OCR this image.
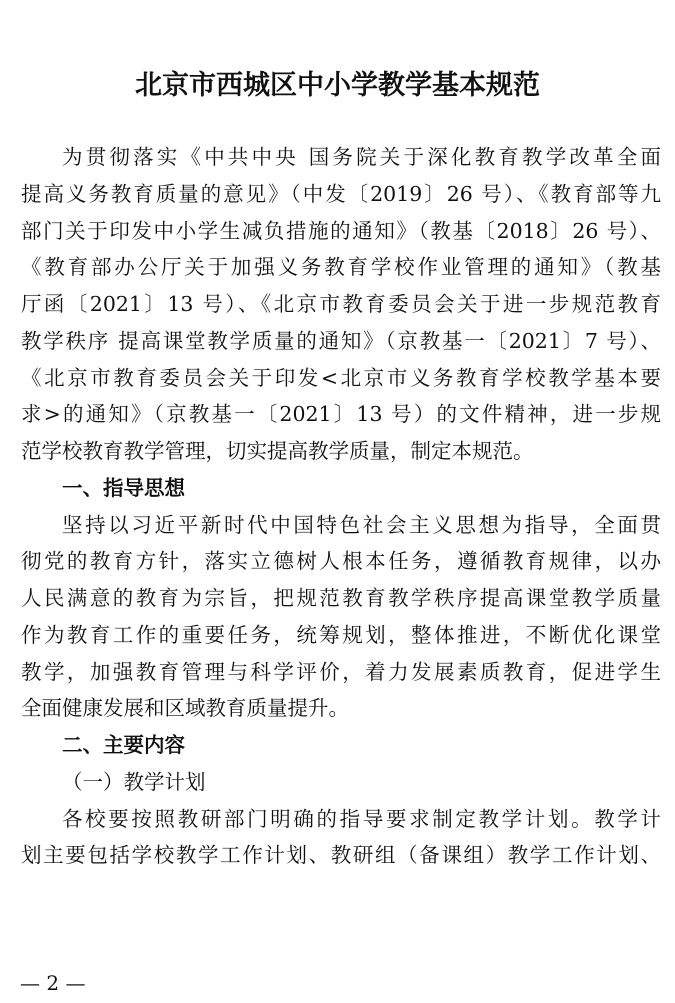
北京市西城区中小学教学基本规范
为贯彻落实《中共中央 国务院关于深化教育教学改革全面
提高义务教育质量的意见》（中发〔2019〕26 号）、《教育部等九
部门关于印发中小学生减负措施的通知》（教基〔2018〕26 号）、
《教育部办公厅关于加强义务教育学校作业管理的通知》（教基
厅函〔2021〕13 号）、《北京市教育委员会关于进一步规范教育
教学秩序 提高课堂教学质量的通知》（京教基一〔2021〕7 号）、
《北京市教育委员会关于印发<北京市义务教育学校教学基本要
求>的通知》（京教基一〔2021〕13 号）的文件精神，进一步规
范学校教育教学管理，切实提高教学质量，制定本规范。
一、指导思想
坚持以习近平新时代中国特色社会主义思想为指导，全面贯
彻党的教育方针，落实立德树人根本任务，遵循教育规律，以办
人民满意的教育为宗旨，把规范教育教学秩序提高课堂教学质量
作为教育工作的重要任务，统筹规划，整体推进，不断优化课堂
教学，加强教育管理与科学评价，着力发展素质教育，促进学生
全面健康发展和区域教育质量提升。
二、主要内容
（一）教学计划
各校要按照教研部门明确的指导要求制定教学计划。教学计
划主要包括学校教学工作计划、教研组（备课组）教学工作计划、
— 2 —
